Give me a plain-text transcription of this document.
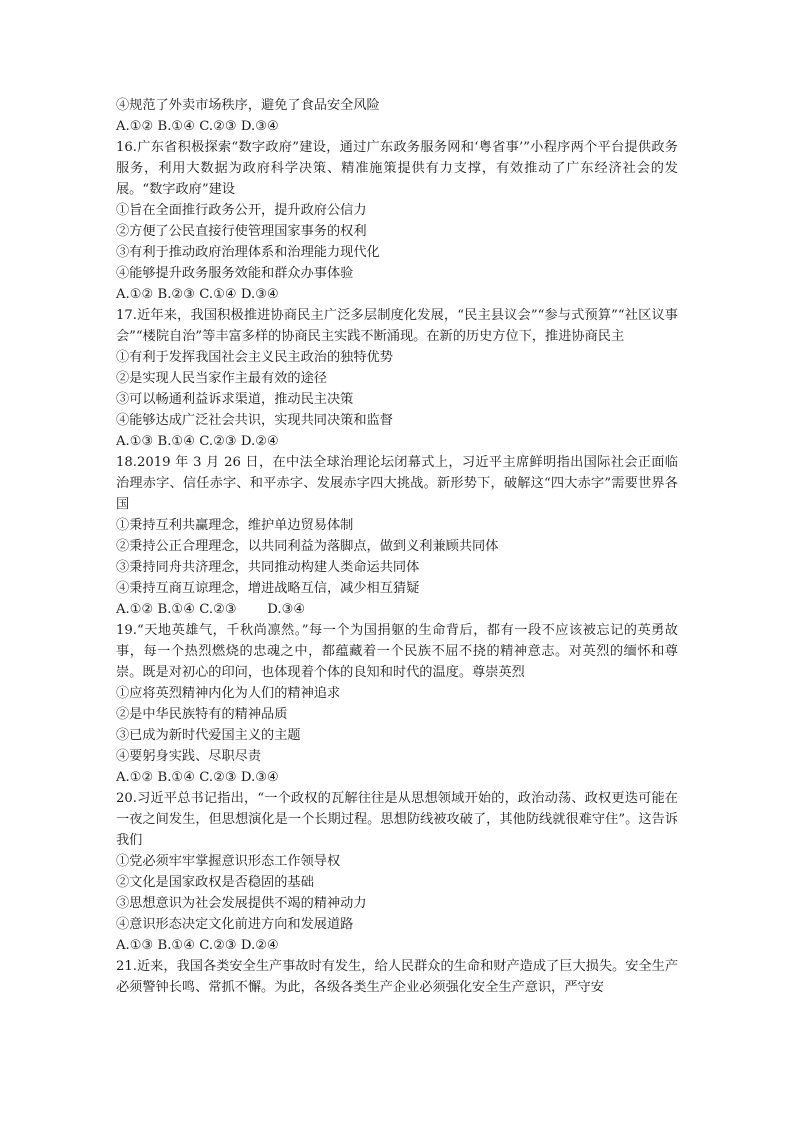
④规范了外卖市场秩序，避免了食品安全风险
A.①② B.①④ C.②③ D.③④
16.广东省积极探索“数字政府”建设，通过广东政务服务网和‘粤省事’”小程序两个平台提供政务服务，利用大数据为政府科学决策、精准施策提供有力支撑，有效推动了广东经济社会的发展。“数字政府”建设
①旨在全面推行政务公开，提升政府公信力
②方便了公民直接行使管理国家事务的权利
③有利于推动政府治理体系和治理能力现代化
④能够提升政务服务效能和群众办事体验
A.①② B.②③ C.①④ D.③④
17.近年来，我国积极推进协商民主广泛多层制度化发展，“民主县议会”“参与式预算”“社区议事会”“楼院自治”等丰富多样的协商民主实践不断涌现。在新的历史方位下，推进协商民主
①有利于发挥我国社会主义民主政治的独特优势
②是实现人民当家作主最有效的途径
③可以畅通利益诉求渠道，推动民主决策
④能够达成广泛社会共识，实现共同决策和监督
A.①③ B.①④ C.②③ D.②④
18.2019 年 3 月 26 日，在中法全球治理论坛闭幕式上，习近平主席鲜明指出国际社会正面临治理赤字、信任赤字、和平赤字、发展赤字四大挑战。新形势下，破解这“四大赤字”需要世界各国
①秉持互利共赢理念，维护单边贸易体制
②秉持公正合理理念，以共同利益为落脚点，做到义利兼顾共同体
③秉持同舟共济理念，共同推动构建人类命运共同体
④秉持互商互谅理念，增进战略互信，减少相互猜疑
A.①② B.①④ C.②③ 　　D.③④
19.“天地英雄气，千秋尚凛然。”每一个为国捐躯的生命背后，都有一段不应该被忘记的英勇故事，每一个热烈燃烧的忠魂之中，都蕴藏着一个民族不屈不挠的精神意志。对英烈的缅怀和尊崇。既是对初心的印问，也体现着个体的良知和时代的温度。尊崇英烈
①应将英烈精神内化为人们的精神追求
②是中华民族特有的精神品质
③已成为新时代爱国主义的主题
④要躬身实践、尽职尽责
A.①② B.①④ C.②③ D.③④
20.习近平总书记指出，“一个政权的瓦解往往是从思想领域开始的，政治动荡、政权更迭可能在一夜之间发生，但思想演化是一个长期过程。思想防线被攻破了，其他防线就很难守住”。这告诉我们
①党必须牢牢掌握意识形态工作领导权
②文化是国家政权是否稳固的基础
③思想意识为社会发展提供不竭的精神动力
④意识形态决定文化前进方向和发展道路
A.①③ B.①④ C.②③ D.②④
21.近来，我国各类安全生产事故时有发生，给人民群众的生命和财产造成了巨大损失。安全生产必须警钟长鸣、常抓不懈。为此，各级各类生产企业必须强化安全生产意识，严守安
